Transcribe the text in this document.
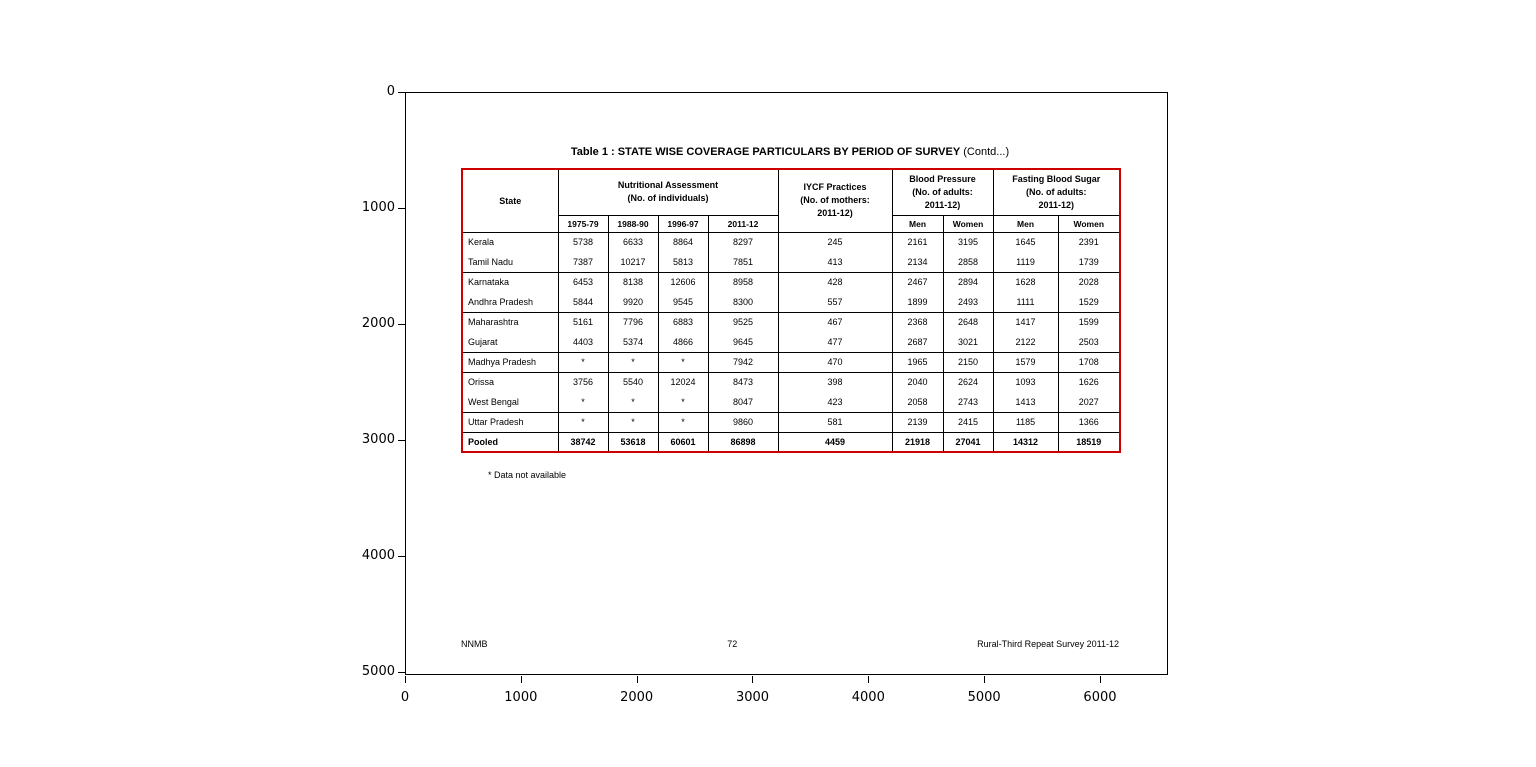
0
1000
2000
3000
4000
5000
0	1000	2000	3000	4000	5000	6000
Table 1 : STATE WISE COVERAGE PARTICULARS BY PERIOD OF SURVEY (Contd...)
State	
Nutritional Assessment
(No. of individuals)

IYCF Practices
(No. of mothers:
2011-12)

Blood Pressure
(No. of adults:
2011-12)

Fasting Blood Sugar
(No. of adults:
2011-12)

	1975-79	1988-90	1996-97	2011-12		Men	Women	Men	Women
Kerala	5738	6633	8864	8297	245	2161	3195	1645	2391
Tamil Nadu	7387	10217	5813	7851	413	2134	2858	1119	1739
Karnataka	6453	8138	12606	8958	428	2467	2894	1628	2028
Andhra Pradesh	5844	9920	9545	8300	557	1899	2493	1111	1529
Maharashtra	5161	7796	6883	9525	467	2368	2648	1417	1599
Gujarat	4403	5374	4866	9645	477	2687	3021	2122	2503
Madhya Pradesh	*	*	*	7942	470	1965	2150	1579	1708
Orissa	3756	5540	12024	8473	398	2040	2624	1093	1626
West Bengal	*	*	*	8047	423	2058	2743	1413	2027
Uttar Pradesh	*	*	*	9860	581	2139	2415	1185	1366
Pooled	38742	53618	60601	86898	4459	21918	27041	14312	18519
* Data not available
NNMB	72	Rural-Third Repeat Survey 2011-12
